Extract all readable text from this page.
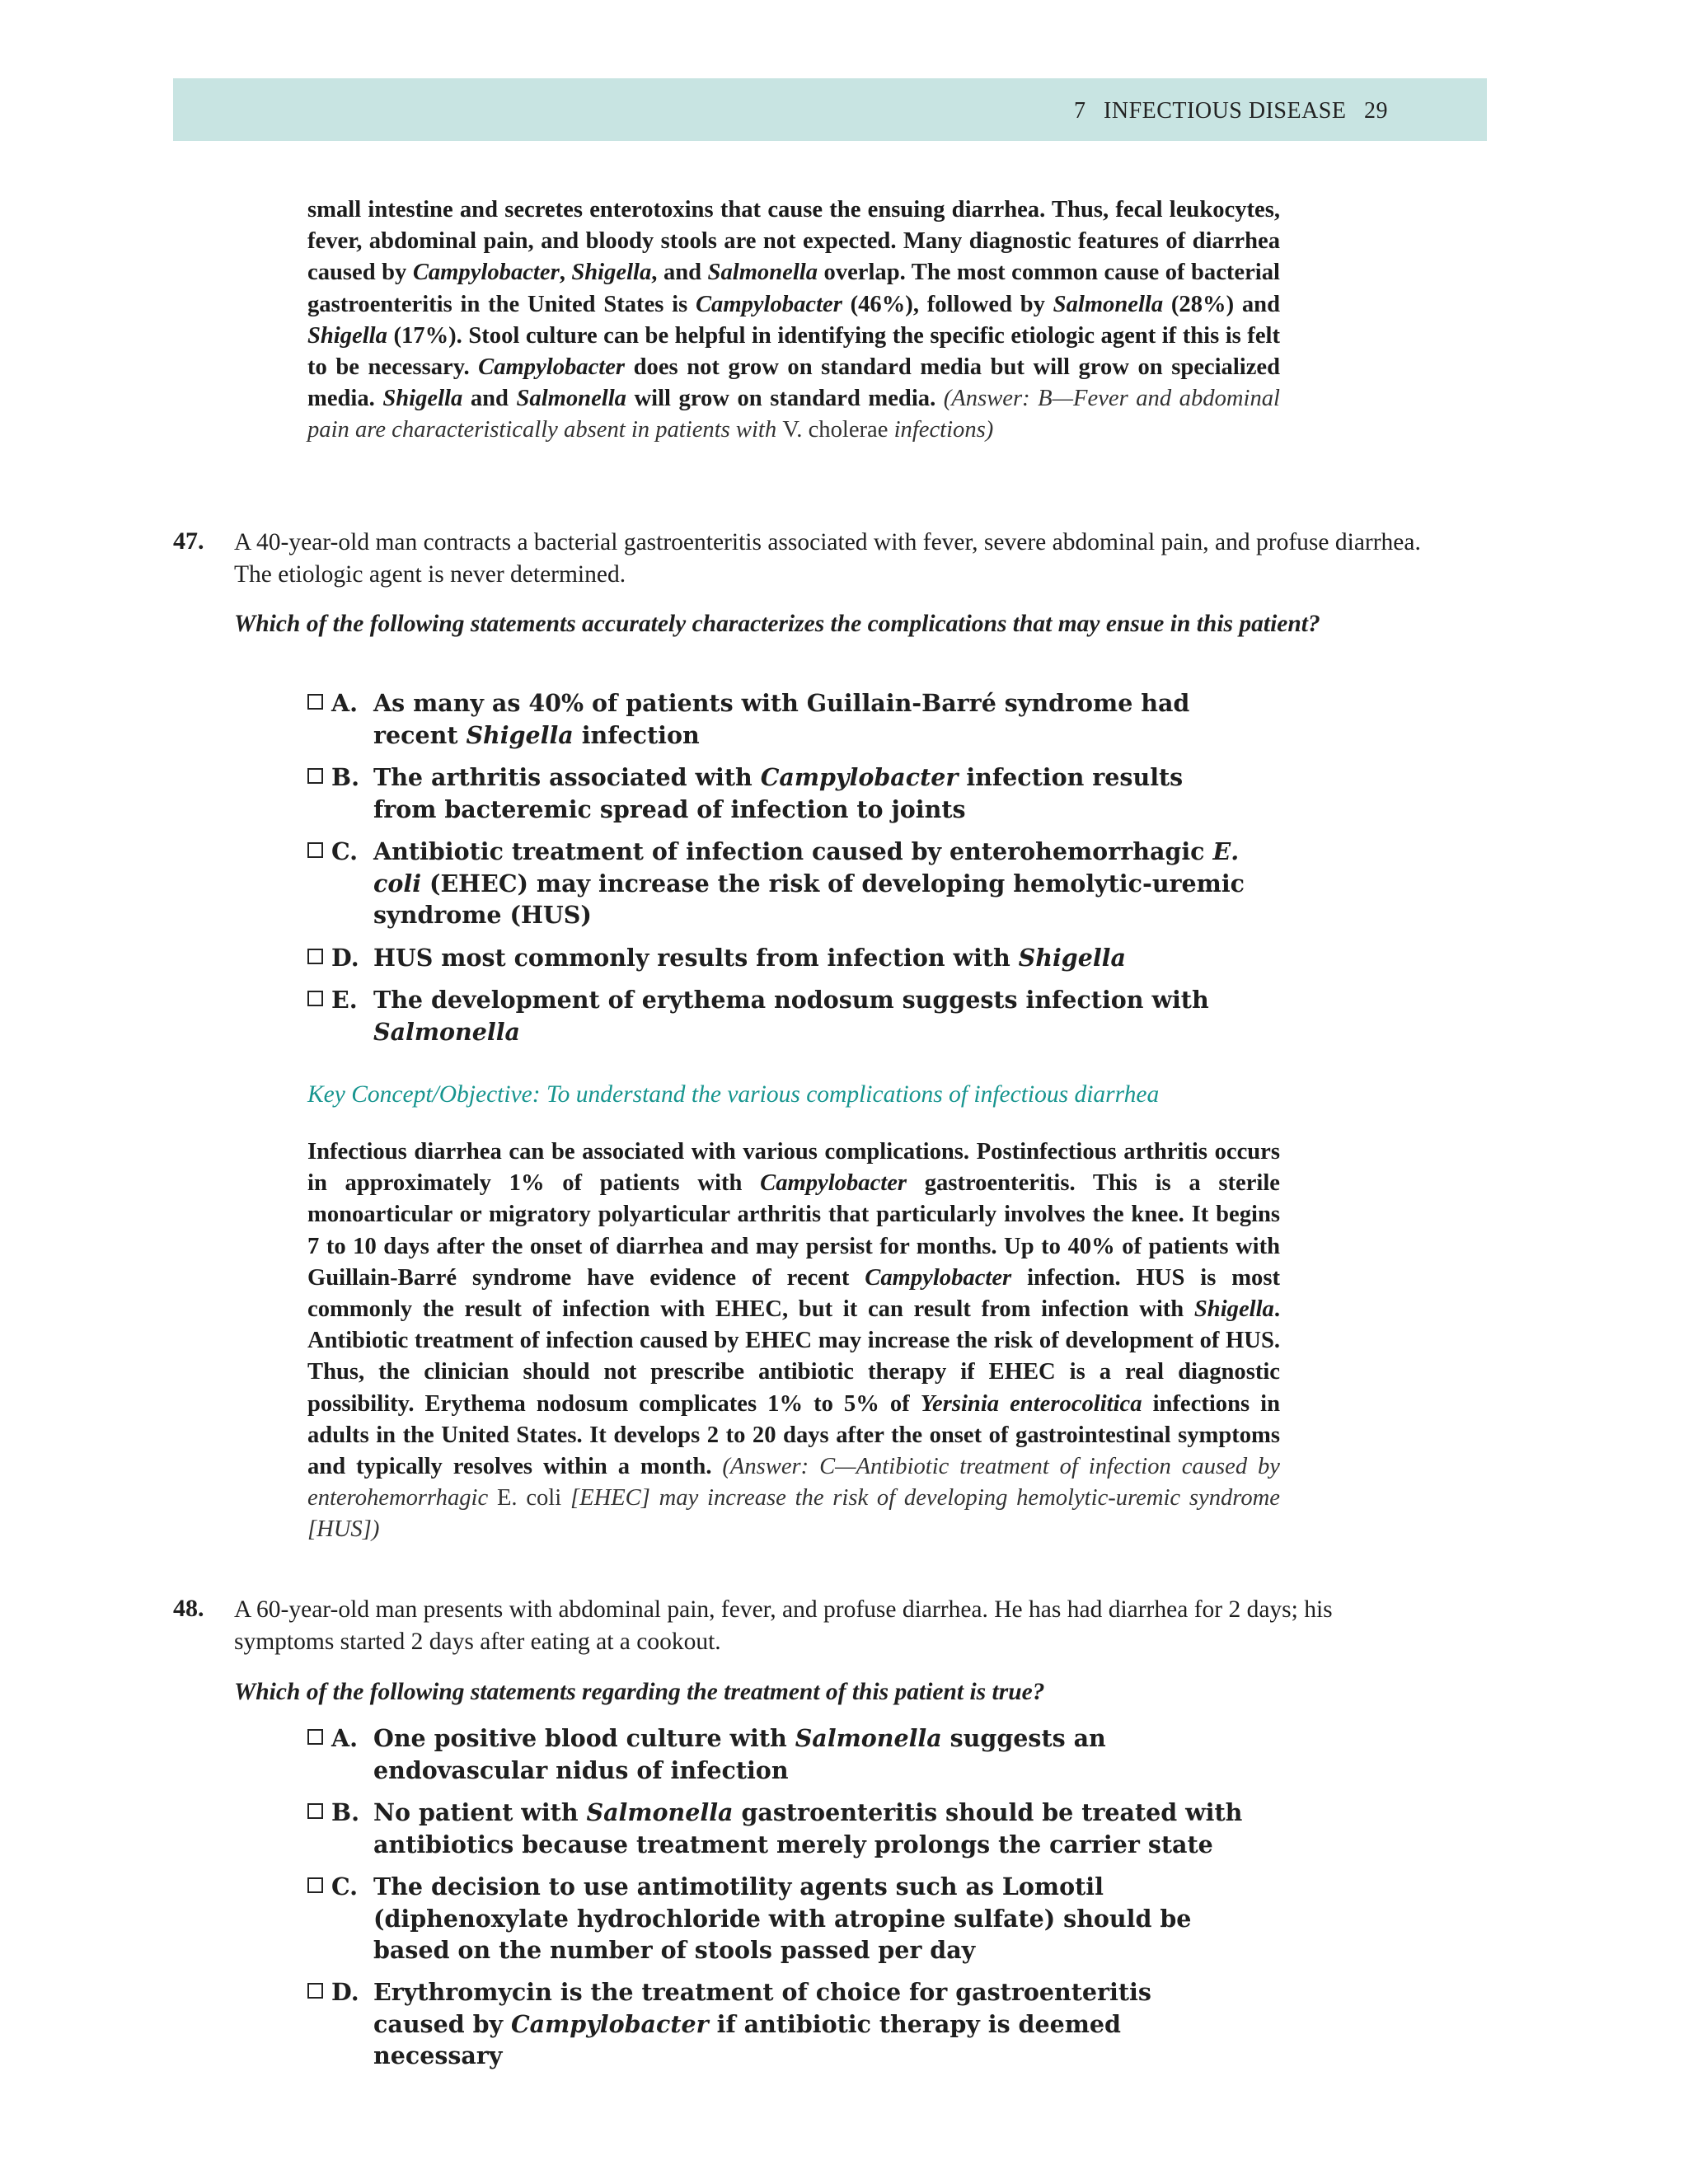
7 INFECTIOUS DISEASE 29
small intestine and secretes enterotoxins that cause the ensuing diarrhea. Thus, fecal leukocytes, fever, abdominal pain, and bloody stools are not expected. Many diagnostic features of diarrhea caused by Campylobacter, Shigella, and Salmonella overlap. The most common cause of bacterial gastroenteritis in the United States is Campylobacter (46%), followed by Salmonella (28%) and Shigella (17%). Stool culture can be helpful in identifying the specific etiologic agent if this is felt to be necessary. Campylobacter does not grow on standard media but will grow on specialized media. Shigella and Salmonella will grow on standard media. (Answer: B—Fever and abdominal pain are characteristically absent in patients with V. cholerae infections)
47. A 40-year-old man contracts a bacterial gastroenteritis associated with fever, severe abdominal pain, and profuse diarrhea. The etiologic agent is never determined.
Which of the following statements accurately characterizes the complications that may ensue in this patient?
A. As many as 40% of patients with Guillain-Barré syndrome had recent Shigella infection
B. The arthritis associated with Campylobacter infection results from bacteremic spread of infection to joints
C. Antibiotic treatment of infection caused by enterohemorrhagic E. coli (EHEC) may increase the risk of developing hemolytic-uremic syndrome (HUS)
D. HUS most commonly results from infection with Shigella
E. The development of erythema nodosum suggests infection with Salmonella
Key Concept/Objective: To understand the various complications of infectious diarrhea
Infectious diarrhea can be associated with various complications. Postinfectious arthritis occurs in approximately 1% of patients with Campylobacter gastroenteritis. This is a sterile monoarticular or migratory polyarticular arthritis that particularly involves the knee. It begins 7 to 10 days after the onset of diarrhea and may persist for months. Up to 40% of patients with Guillain-Barré syndrome have evidence of recent Campylobacter infection. HUS is most commonly the result of infection with EHEC, but it can result from infection with Shigella. Antibiotic treatment of infection caused by EHEC may increase the risk of development of HUS. Thus, the clinician should not prescribe antibiotic therapy if EHEC is a real diagnostic possibility. Erythema nodosum complicates 1% to 5% of Yersinia enterocolitica infections in adults in the United States. It develops 2 to 20 days after the onset of gastrointestinal symptoms and typically resolves within a month. (Answer: C—Antibiotic treatment of infection caused by enterohemorrhagic E. coli [EHEC] may increase the risk of developing hemolytic-uremic syndrome [HUS])
48. A 60-year-old man presents with abdominal pain, fever, and profuse diarrhea. He has had diarrhea for 2 days; his symptoms started 2 days after eating at a cookout.
Which of the following statements regarding the treatment of this patient is true?
A. One positive blood culture with Salmonella suggests an endovascular nidus of infection
B. No patient with Salmonella gastroenteritis should be treated with antibiotics because treatment merely prolongs the carrier state
C. The decision to use antimotility agents such as Lomotil (diphenoxylate hydrochloride with atropine sulfate) should be based on the number of stools passed per day
D. Erythromycin is the treatment of choice for gastroenteritis caused by Campylobacter if antibiotic therapy is deemed necessary
